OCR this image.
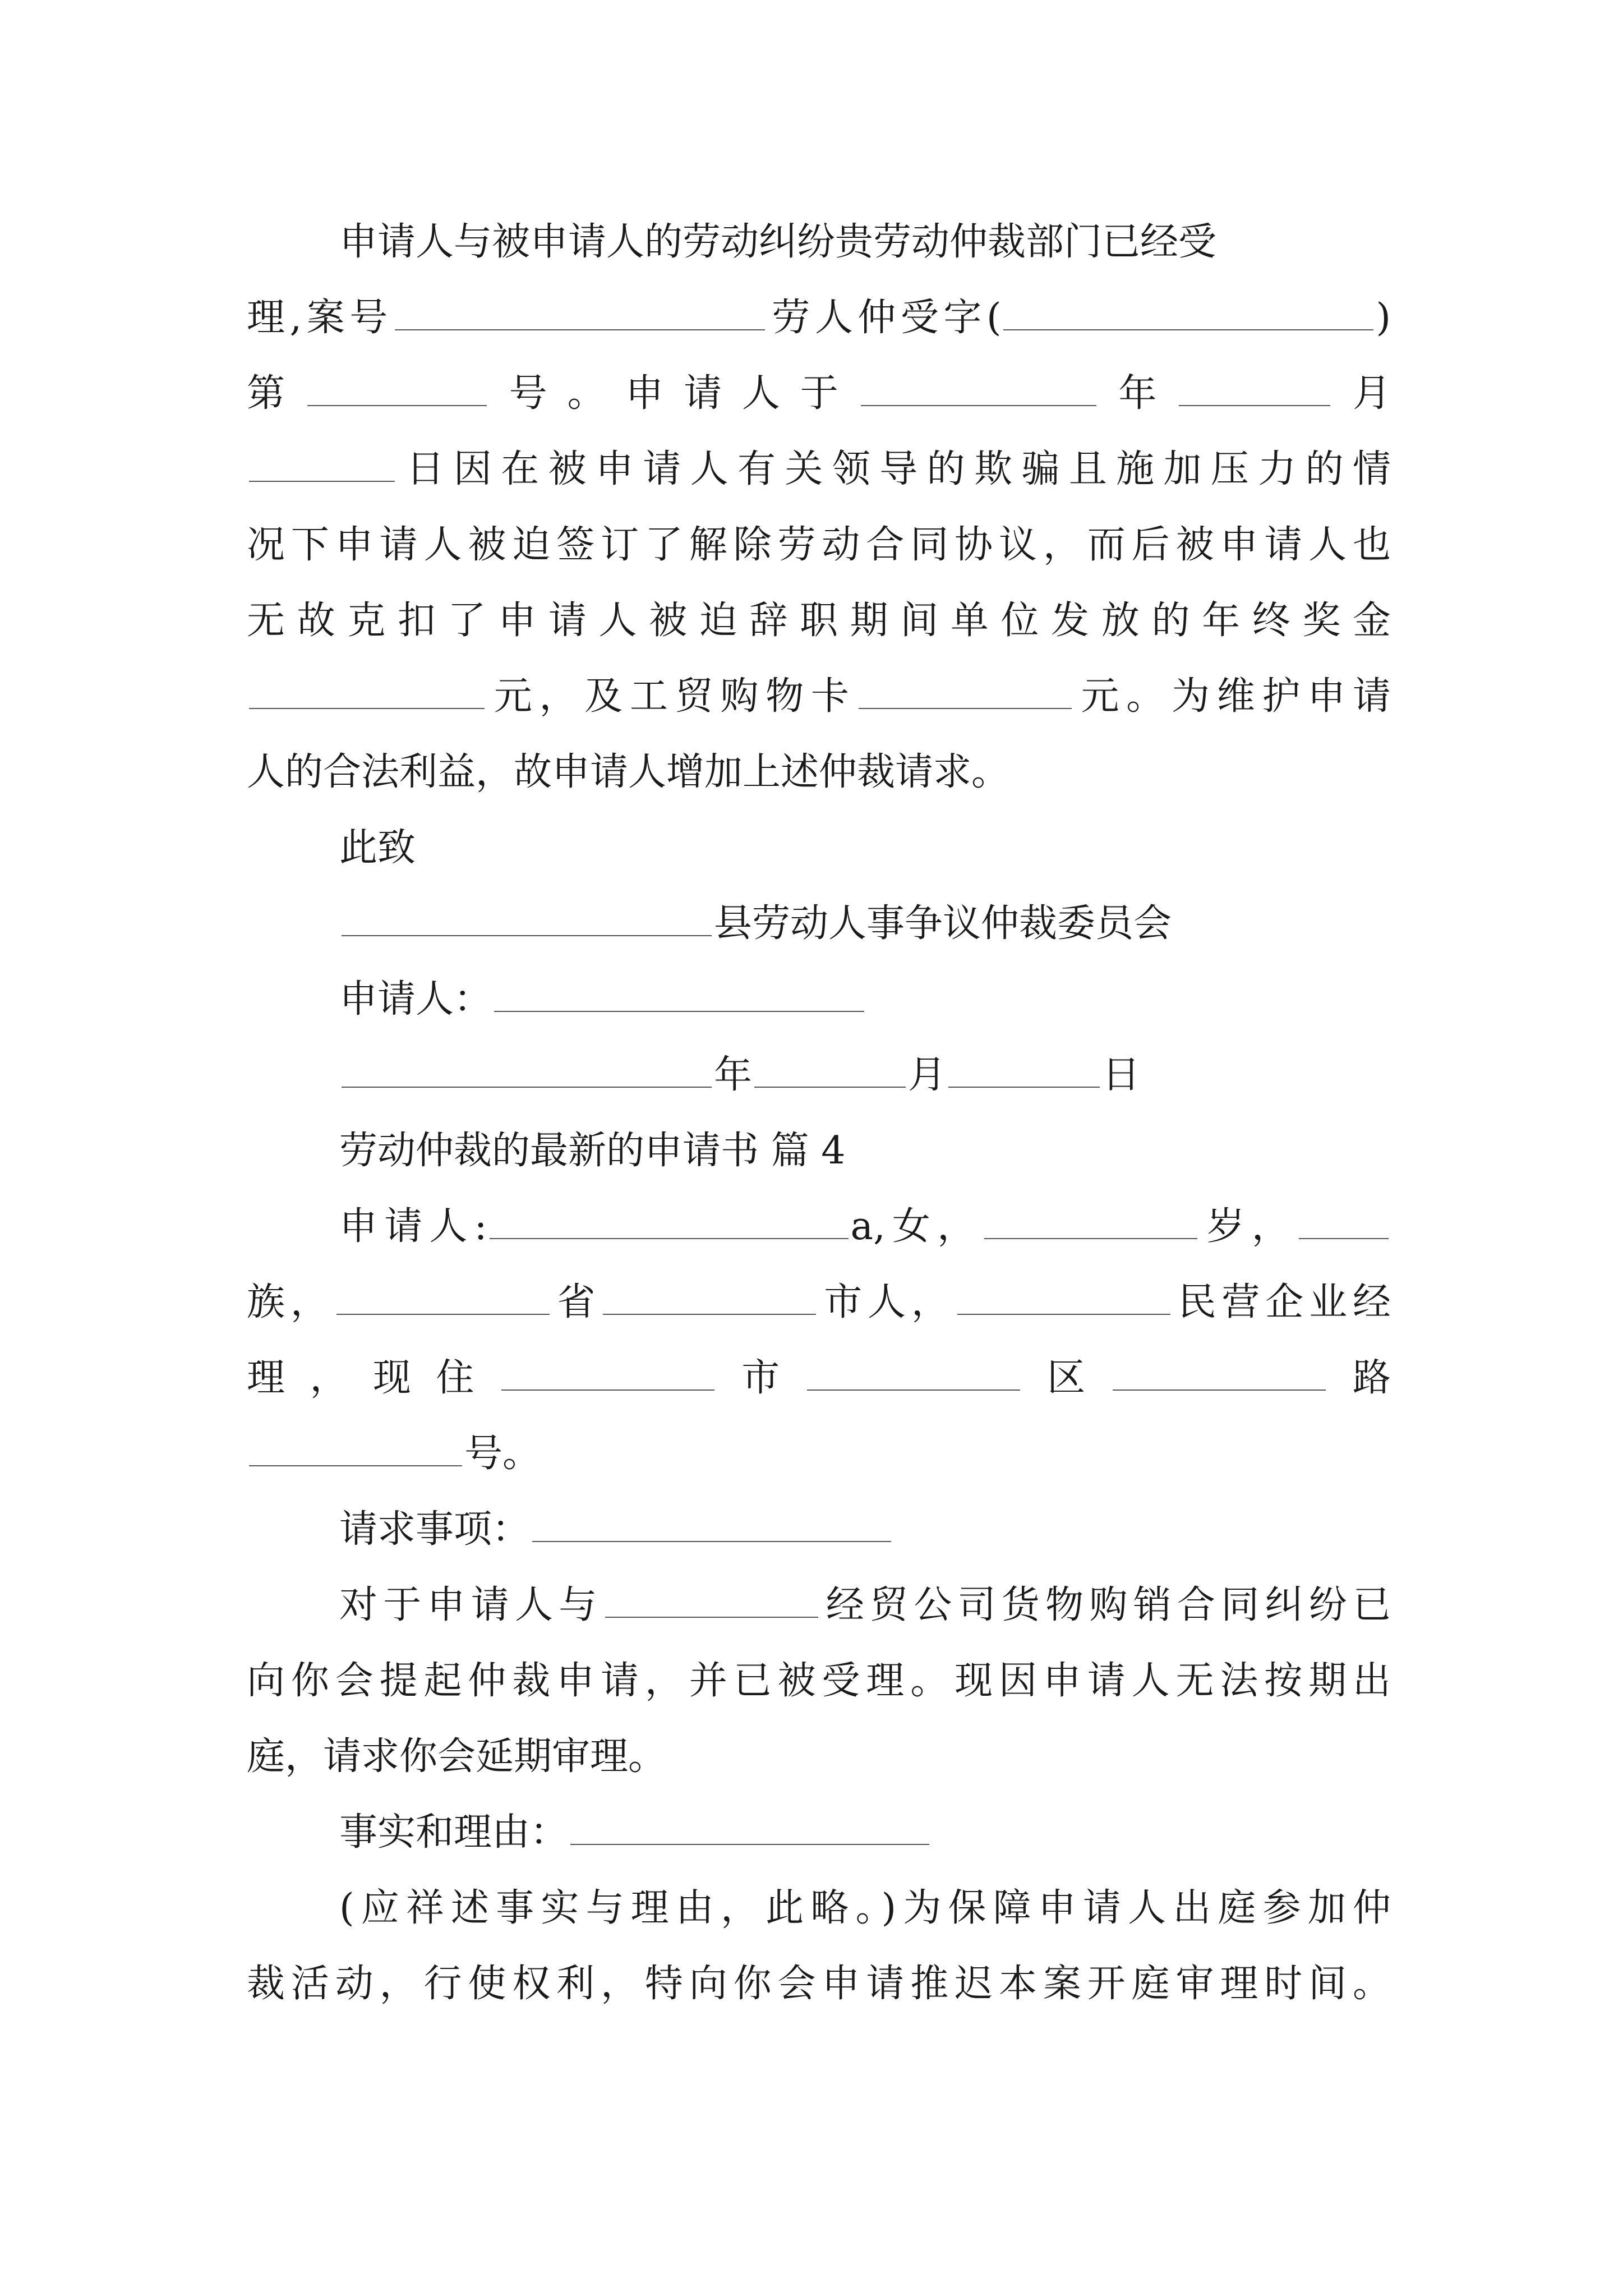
申请人与被申请人的劳动纠纷贵劳动仲裁部门已经受
理,案号	劳人仲受字(	)
第	号。申请人于	年	月
日因在被申请人有关领导的欺骗且施加压力的情
况下申请人被迫签订了解除劳动合同协议，而后被申请人也
无故克扣了申请人被迫辞职期间单位发放的年终奖金
元，及工贸购物卡	元。为维护申请
人的合法利益，故申请人增加上述仲裁请求。
此致
县劳动人事争议仲裁委员会
申请人：
年	月	日
劳动仲裁的最新的申请书 篇 4
申请人:	a,女，	岁，
族，	省	市人，	民营企业经
理，现住	市	区	路
号。
请求事项：
对于申请人与	经贸公司货物购销合同纠纷已
向你会提起仲裁申请，并已被受理。现因申请人无法按期出
庭，请求你会延期审理。
事实和理由：
(应祥述事实与理由，此略。)为保障申请人出庭参加仲
裁活动，行使权利，特向你会申请推迟本案开庭审理时间。
